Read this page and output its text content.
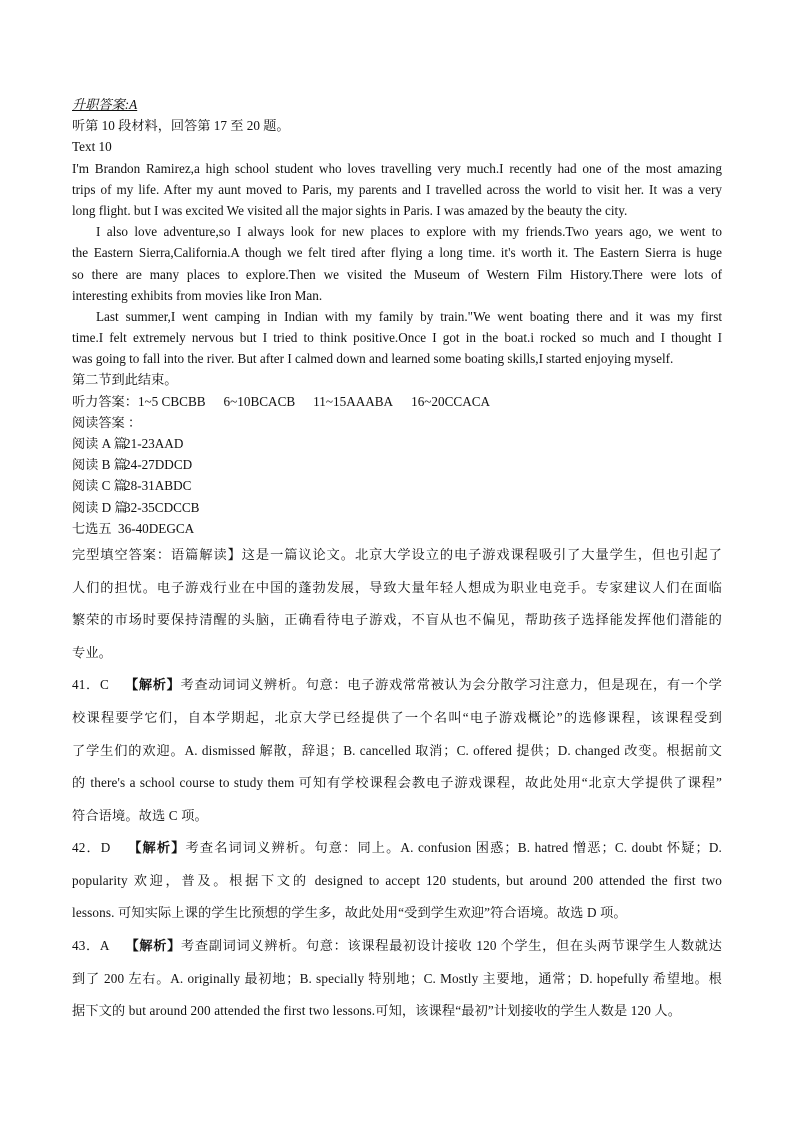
升职答案:A
听第 10 段材料，回答第 17 至 20 题。
Text 10
I'm Brandon Ramirez,a high school student who loves travelling very much.I recently had one of the most amazing
trips of my life. After my aunt moved to Paris, my parents and I travelled across the world to visit her. It was a very
long flight. but I was excited We visited all the major sights in Paris. I was amazed by the beauty the city.
I also love adventure,so I always look for new places to explore with my friends.Two years ago, we went to
the Eastern Sierra,California.A though we felt tired after flying a long time. it's worth it. The Eastern Sierra is huge
so there are many places to explore.Then we visited the Museum of Western Film History.There were lots of
interesting exhibits from movies like Iron Man.
Last summer,I went camping in Indian with my family by train."We went boating there and it was my first
time.I felt extremely nervous but I tried to think positive.Once I got in the boat.i rocked so much and I thought I
was going to fall into the river. But after I calmed down and learned some boating skills,I started enjoying myself.
第二节到此结束。
听力答案：1~5 CBCBB 6~10BCACB 11~15AAABA 16~20CCACA
阅读答案 ：
阅读 A 篇21-23AAD
阅读 B 篇24-27DDCD
阅读 C 篇28-31ABDC
阅读 D 篇32-35CDCCB
七选五 36-40DEGCA
完型填空答案：语篇解读】这是一篇议论文。北京大学设立的电子游戏课程吸引了大量学生，但也引起了
人们的担忧。电子游戏行业在中国的蓬勃发展，导致大量年轻人想成为职业电竞手。专家建议人们在面临
繁荣的市场时要保持清醒的头脑，正确看待电子游戏，不盲从也不偏见，帮助孩子选择能发挥他们潜能的
专业。
41．C 【解析】考查动词词义辨析。句意：电子游戏常常被认为会分散学习注意力，但是现在，有一个学
校课程要学它们，自本学期起，北京大学已经提供了一个名叫“电子游戏概论”的选修课程，该课程受到
了学生们的欢迎。A. dismissed 解散，辞退；B. cancelled 取消；C. offered 提供；D. changed 改变。根据前文
的 there's a school course to study them 可知有学校课程会教电子游戏课程，故此处用“北京大学提供了课程”
符合语境。故选 C 项。
42．D 【解析】考查名词词义辨析。句意：同上。A. confusion 困惑；B. hatred 憎恶；C. doubt 怀疑；D.
popularity 欢迎，普及。根据下文的 designed to accept 120 students, but around 200 attended the first two
lessons. 可知实际上课的学生比预想的学生多，故此处用“受到学生欢迎”符合语境。故选 D 项。
43．A 【解析】考查副词词义辨析。句意：该课程最初设计接收 120 个学生，但在头两节课学生人数就达
到了 200 左右。A. originally 最初地；B. specially 特别地；C. Mostly 主要地，通常；D. hopefully 希望地。根
据下文的 but around 200 attended the first two lessons.可知，该课程“最初”计划接收的学生人数是 120 人。
